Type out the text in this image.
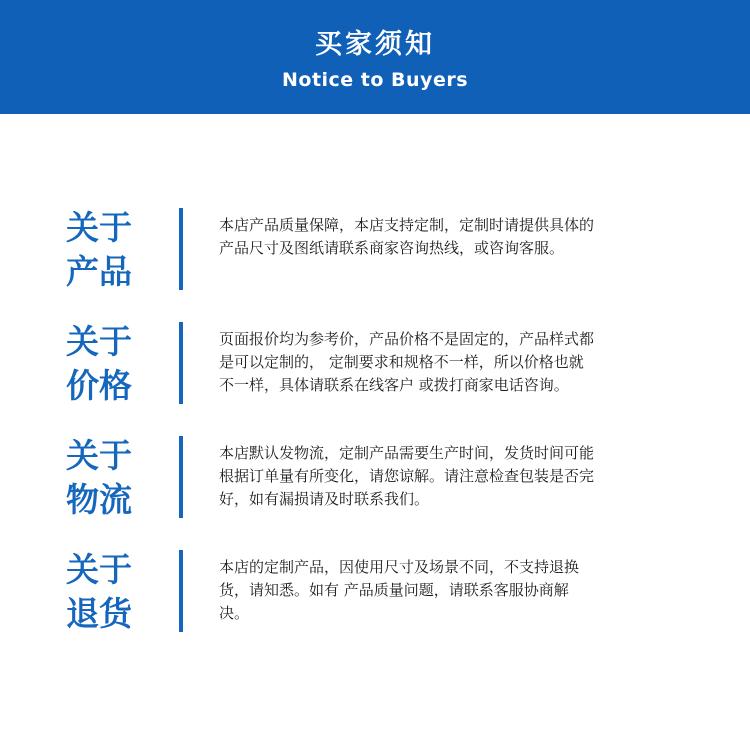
买家须知
Notice to Buyers
关于
产品
本店产品质量保障，本店支持定制，定制时请提供具体的
产品尺寸及图纸请联系商家咨询热线，或咨询客服。
关于
价格
页面报价均为参考价，产品价格不是固定的，产品样式都
是可以定制的， 定制要求和规格不一样，所以价格也就
不一样，具体请联系在线客户 或拨打商家电话咨询。
关于
物流
本店默认发物流，定制产品需要生产时间，发货时间可能
根据订单量有所变化，请您谅解。请注意检查包装是否完
好，如有漏损请及时联系我们。
关于
退货
本店的定制产品，因使用尺寸及场景不同，不支持退换
货，请知悉。如有 产品质量问题，请联系客服协商解
决。
